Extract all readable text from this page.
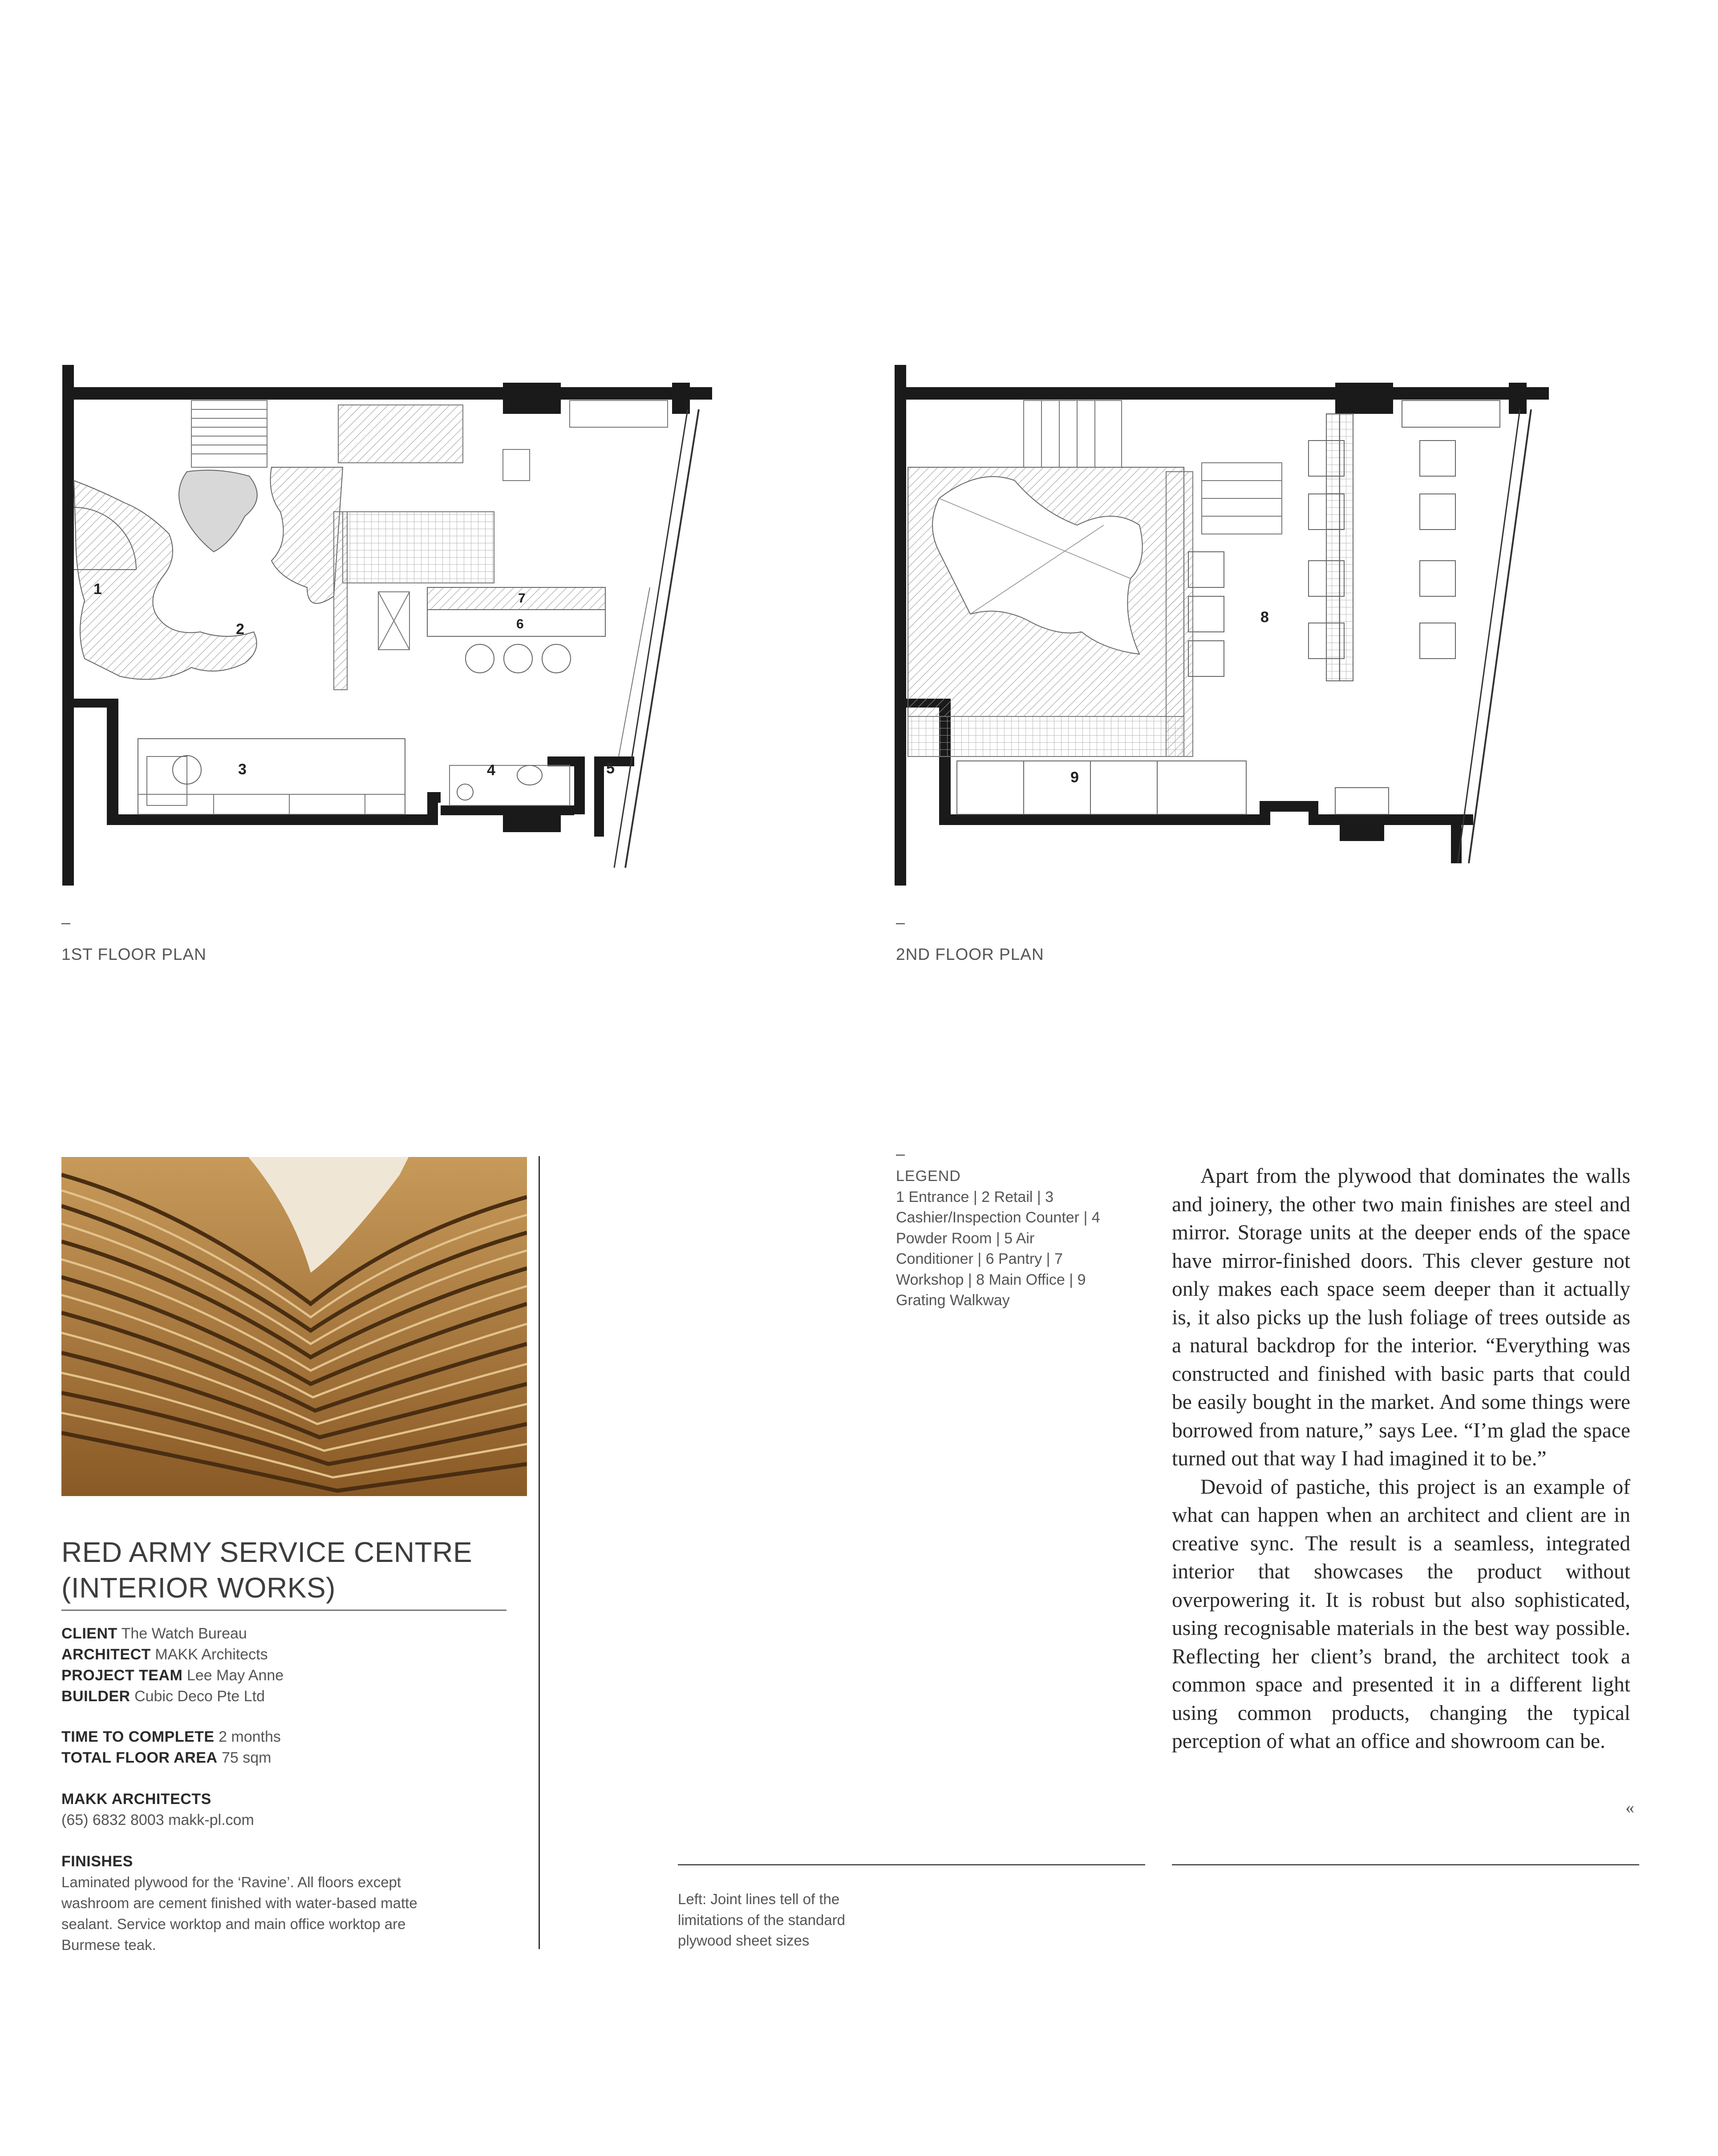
1
2
3	4	5
6
7
–
1ST FLOOR PLAN
8
9
–
2ND FLOOR PLAN
RED ARMY SERVICE CENTRE
(INTERIOR WORKS)
CLIENT The Watch Bureau
ARCHITECT MAKK Architects
PROJECT TEAM Lee May Anne
BUILDER Cubic Deco Pte Ltd
TIME TO COMPLETE 2 months
TOTAL FLOOR AREA 75 sqm
MAKK ARCHITECTS
(65) 6832 8003 makk-pl.com
FINISHES
Laminated plywood for the ‘Ravine’. All floors except washroom are cement finished with water-based matte sealant. Service worktop and main office worktop are Burmese teak.
–
LEGEND
1 Entrance | 2 Retail | 3 Cashier/Inspection Counter | 4 Powder Room | 5 Air Conditioner | 6 Pantry | 7 Workshop | 8 Main Office | 9 Grating Walkway

Apart from the plywood that dominates the walls and joinery, the other two main finishes are steel and mirror. Storage units at the deeper ends of the space have mirror-finished doors. This clever gesture not only makes each space seem deeper than it actually is, it also picks up the lush foliage of trees outside as a natural backdrop for the interior. “Everything was constructed and finished with basic parts that could be easily bought in the market. And some things were borrowed from nature,” says Lee. “I’m glad the space turned out that way I had imagined it to be.”

Devoid of pastiche, this project is an example of what can happen when an architect and client are in creative sync. The result is a seamless, integrated interior that showcases the product without overpowering it. It is robust but also sophisticated, using recognisable materials in the best way possible. Reflecting her client’s brand, the architect took a common space and presented it in a different light using common products, changing the typical perception of what an office and showroom can be.

«
Left: Joint lines tell of the limitations of the standard plywood sheet sizes
